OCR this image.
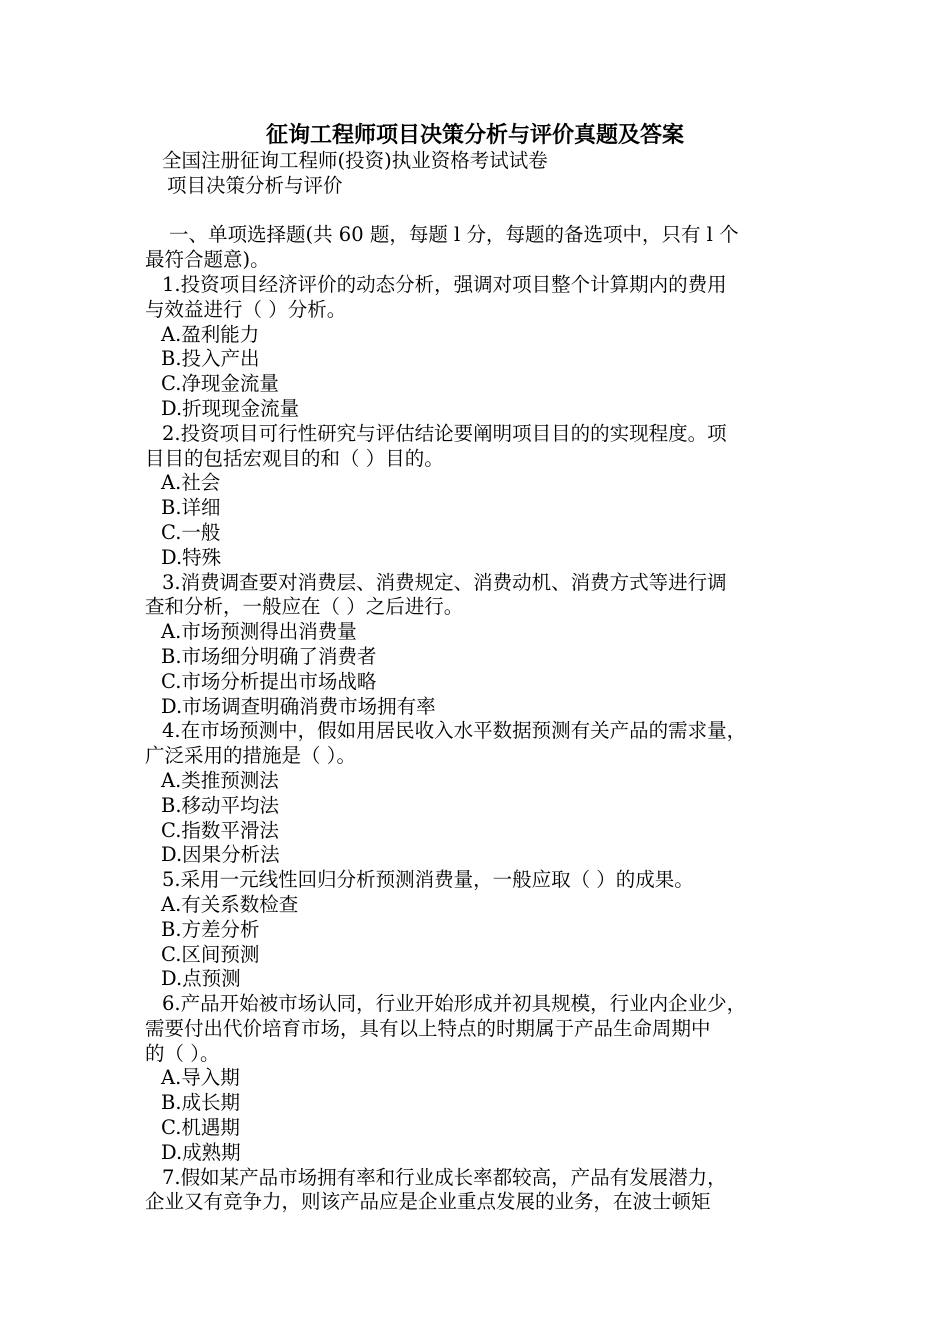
征询工程师项目决策分析与评价真题及答案
全国注册征询工程师(投资)执业资格考试试卷
项目决策分析与评价
一、单项选择题(共 60 题，每题 l 分，每题的备选项中，只有 l 个
最符合题意)。
1.投资项目经济评价的动态分析，强调对项目整个计算期内的费用
与效益进行（ ）分析。
A.盈利能力
B.投入产出
C.净现金流量
D.折现现金流量
2.投资项目可行性研究与评估结论要阐明项目目的的实现程度。项
目目的包括宏观目的和（ ）目的。
A.社会
B.详细
C.一般
D.特殊
3.消费调查要对消费层、消费规定、消费动机、消费方式等进行调
查和分析，一般应在（ ）之后进行。
A.市场预测得出消费量
B.市场细分明确了消费者
C.市场分析提出市场战略
D.市场调查明确消费市场拥有率
4.在市场预测中，假如用居民收入水平数据预测有关产品的需求量，
广泛采用的措施是（ ）。
A.类推预测法
B.移动平均法
C.指数平滑法
D.因果分析法
5.采用一元线性回归分析预测消费量，一般应取（ ）的成果。
A.有关系数检查
B.方差分析
C.区间预测
D.点预测
6.产品开始被市场认同，行业开始形成并初具规模，行业内企业少，
需要付出代价培育市场，具有以上特点的时期属于产品生命周期中
的（ ）。
A.导入期
B.成长期
C.机遇期
D.成熟期
7.假如某产品市场拥有率和行业成长率都较高，产品有发展潜力，
企业又有竞争力，则该产品应是企业重点发展的业务，在波士顿矩
